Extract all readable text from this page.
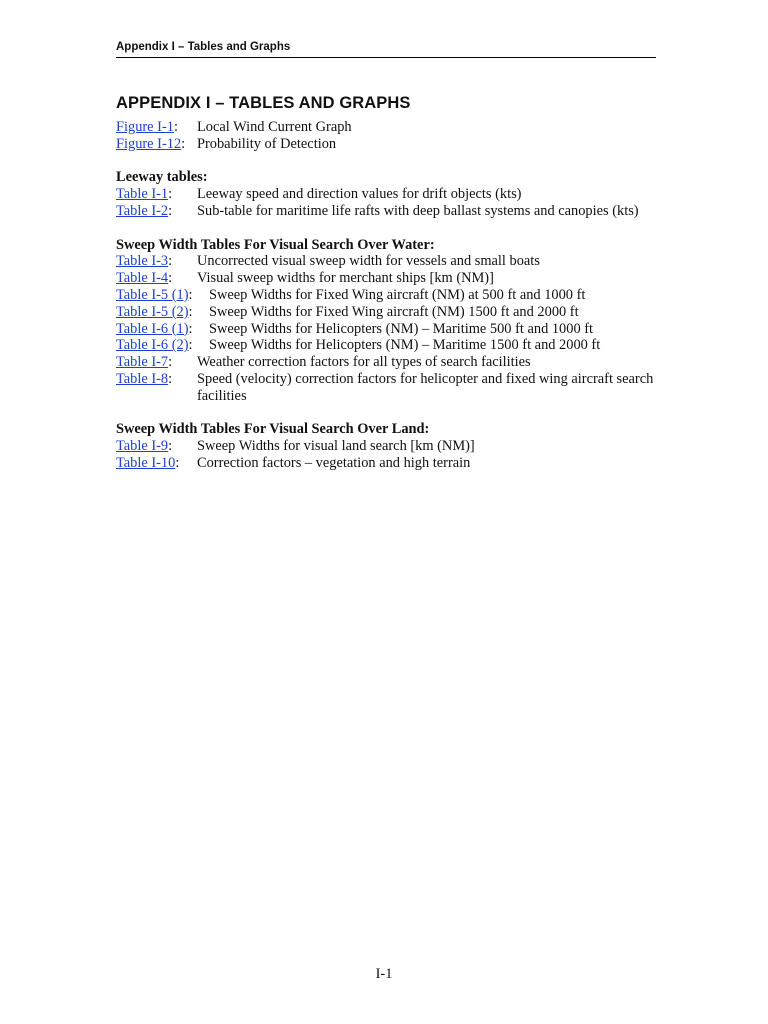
Appendix I – Tables and Graphs
APPENDIX I – TABLES AND GRAPHS
Figure I-1:	Local Wind Current Graph
Figure I-12: Probability of Detection
Leeway tables:
Table I-1:	Leeway speed and direction values for drift objects (kts)
Table I-2:	Sub-table for maritime life rafts with deep ballast systems and canopies (kts)
Sweep Width Tables For Visual Search Over Water:
Table I-3:	Uncorrected visual sweep width for vessels and small boats
Table I-4:	Visual sweep widths for merchant ships [km (NM)]
Table I-5 (1):	Sweep Widths for Fixed Wing aircraft (NM) at 500 ft and 1000 ft
Table I-5 (2):	Sweep Widths for Fixed Wing aircraft (NM) 1500 ft and 2000 ft
Table I-6 (1):	Sweep Widths for Helicopters (NM) – Maritime 500 ft and 1000 ft
Table I-6 (2):	Sweep Widths for Helicopters (NM) – Maritime 1500 ft and 2000 ft
Table I-7:	Weather correction factors for all types of search facilities
Table I-8:	Speed (velocity) correction factors for helicopter and fixed wing aircraft search facilities
Sweep Width Tables For Visual Search Over Land:
Table I-9:	Sweep Widths for visual land search [km (NM)]
Table I-10:	Correction factors – vegetation and high terrain
I-1
